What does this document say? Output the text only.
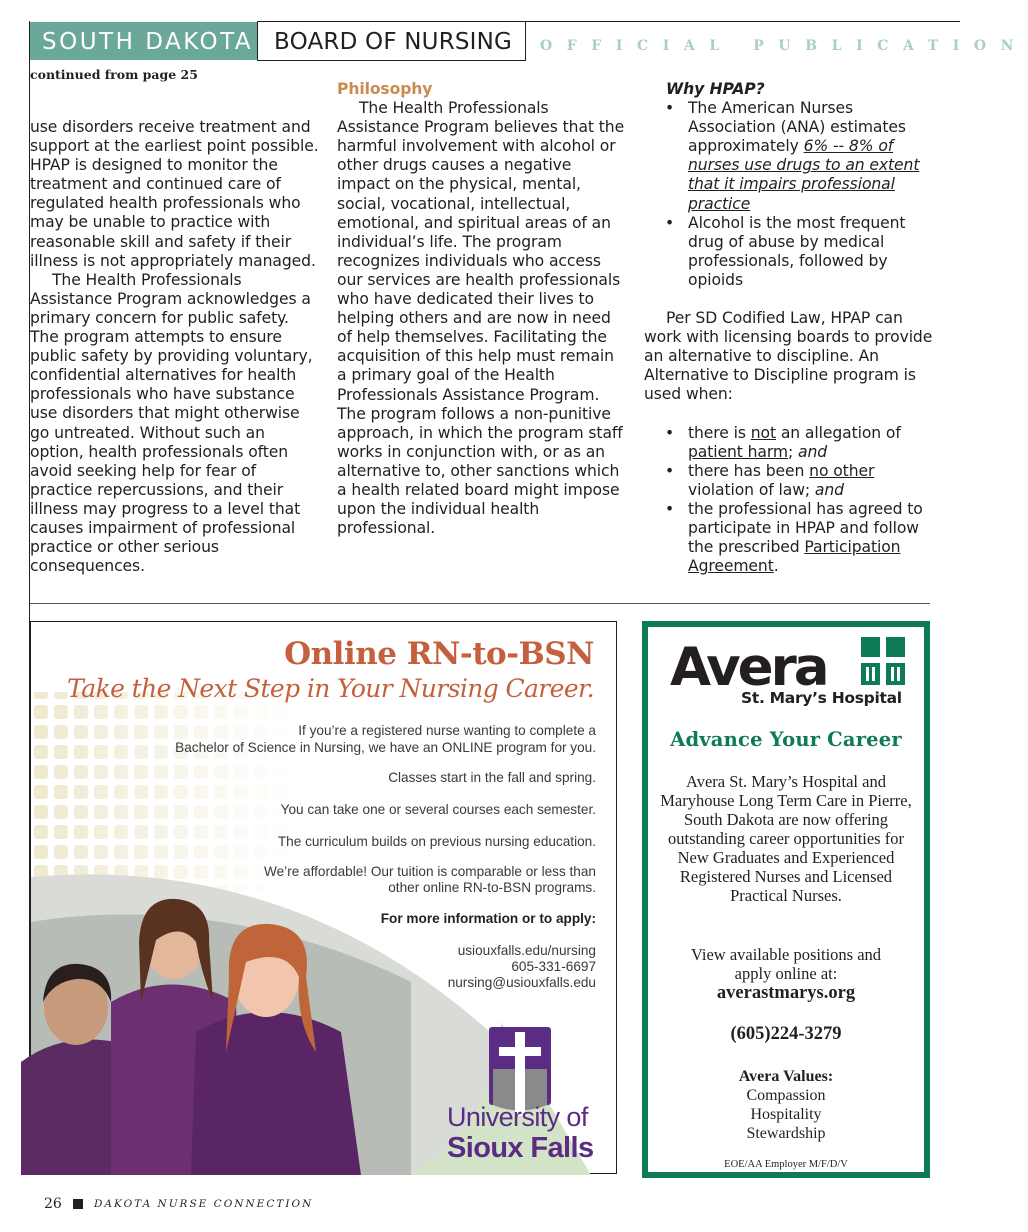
SOUTH DAKOTA BOARD OF NURSING	OFFICIAL PUBLICATION
continued from page 25

use disorders receive treatment and support at the earliest point possible. HPAP is designed to monitor the treatment and continued care of regulated health professionals who may be unable to practice with reasonable skill and safety if their illness is not appropriately managed.

The Health Professionals Assistance Program acknowledges a primary concern for public safety. The program attempts to ensure public safety by providing voluntary, confidential alternatives for health professionals who have substance use disorders that might otherwise go untreated. Without such an option, health professionals often avoid seeking help for fear of practice repercussions, and their illness may progress to a level that causes impairment of professional practice or other serious consequences.

Philosophy

The Health Professionals Assistance Program believes that the harmful involvement with alcohol or other drugs causes a negative impact on the physical, mental, social, vocational, intellectual, emotional, and spiritual areas of an individual’s life. The program recognizes individuals who access our services are health professionals who have dedicated their lives to helping others and are now in need of help themselves. Facilitating the acquisition of this help must remain a primary goal of the Health Professionals Assistance Program. The program follows a non-punitive approach, in which the program staff works in conjunction with, or as an alternative to, other sanctions which a health related board might impose upon the individual health professional.

Why HPAP?

• The American Nurses Association (ANA) estimates approximately 6% -- 8% of nurses use drugs to an extent that it impairs professional practice
• Alcohol is the most frequent drug of abuse by medical professionals, followed by opioids

Per SD Codified Law, HPAP can work with licensing boards to provide an alternative to discipline. An Alternative to Discipline program is used when:

• there is not an allegation of patient harm; and
• there has been no other violation of law; and
• the professional has agreed to participate in HPAP and follow the prescribed Participation Agreement.
Online RN-to-BSN
Take the Next Step in Your Nursing Career.
If you’re a registered nurse wanting to complete a
Bachelor of Science in Nursing, we have an ONLINE program for you.
Classes start in the fall and spring.
You can take one or several courses each semester.
The curriculum builds on previous nursing education.
We’re affordable! Our tuition is comparable or less than
other online RN-to-BSN programs.
For more information or to apply:
usiouxfalls.edu/nursing
605-331-6697
nursing@usiouxfalls.edu
University of
Sioux Falls
Avera
St. Mary’s Hospital
Advance Your Career
Avera St. Mary’s Hospital and Maryhouse Long Term Care in Pierre, South Dakota are now offering outstanding career opportunities for New Graduates and Experienced Registered Nurses and Licensed Practical Nurses.
View available positions and apply online at:
averastmarys.org
(605)224-3279
Avera Values:
Compassion
Hospitality
Stewardship
EOE/AA Employer M/F/D/V
26	DAKOTA NURSE CONNECTION
